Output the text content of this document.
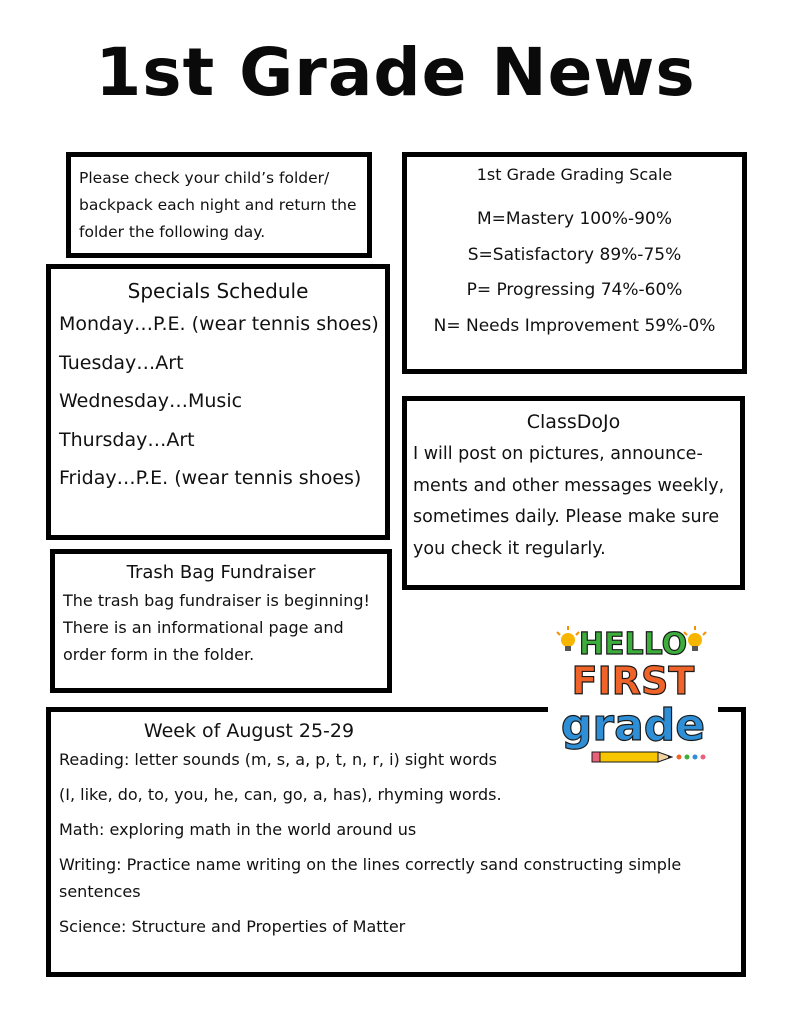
1st Grade News
Please check your child’s folder/ backpack each night and return the folder the following day.
1st Grade Grading Scale
M=Mastery 100%-90%
S=Satisfactory 89%-75%
P= Progressing 74%-60%
N= Needs Improvement 59%-0%
Specials Schedule
Monday…P.E. (wear tennis shoes)
Tuesday…Art
Wednesday…Music
Thursday…Art
Friday…P.E. (wear tennis shoes)
ClassDoJo
I will post on pictures, announce-ments and other messages weekly, sometimes daily. Please make sure you check it regularly.
Trash Bag Fundraiser
The trash bag fundraiser is beginning! There is an informational page and order form in the folder.
Week of August 25-29
Reading: letter sounds (m, s, a, p, t, n, r, i) sight words
(I, like, do, to, you, he, can, go, a, has), rhyming words.
Math: exploring math in the world around us
Writing: Practice name writing on the lines correctly sand constructing simple sentences
Science: Structure and Properties of Matter
HELLO
FIRST
grade
